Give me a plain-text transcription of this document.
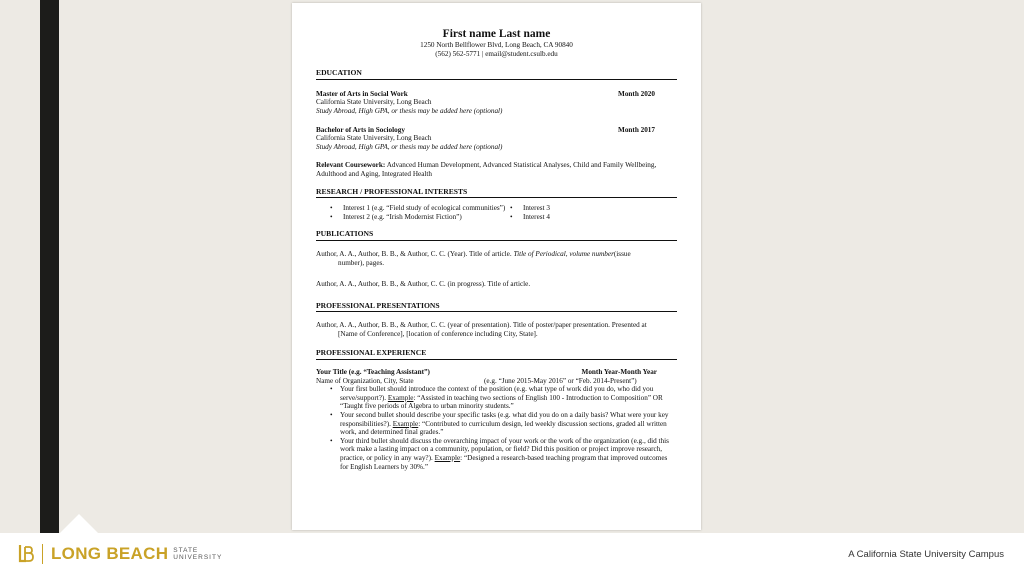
First name Last name
1250 North Bellflower Blvd, Long Beach, CA 90840
(562) 562-5771 | email@student.csulb.edu
EDUCATION
Master of Arts in Social Work	Month 2020
California State University, Long Beach
Study Abroad, High GPA, or thesis may be added here (optional)
Bachelor of Arts in Sociology	Month 2017
California State University, Long Beach
Study Abroad, High GPA, or thesis may be added here (optional)
Relevant Coursework: Advanced Human Development, Advanced Statistical Analyses, Child and Family Wellbeing, Adulthood and Aging, Integrated Health
RESEARCH / PROFESSIONAL INTERESTS
• Interest 1 (e.g. “Field study of ecological communities”)	• Interest 3
• Interest 2 (e.g. “Irish Modernist Fiction”)	• Interest 4
PUBLICATIONS
Author, A. A., Author, B. B., & Author, C. C. (Year). Title of article. Title of Periodical, volume number(issue number), pages.
Author, A. A., Author, B. B., & Author, C. C. (in progress). Title of article.
PROFESSIONAL PRESENTATIONS
Author, A. A., Author, B. B., & Author, C. C. (year of presentation). Title of poster/paper presentation. Presented at [Name of Conference], [location of conference including City, State].
PROFESSIONAL EXPERIENCE
Your Title (e.g. “Teaching Assistant”)	Month Year-Month Year
Name of Organization, City, State	(e.g. “June 2015-May 2016” or “Feb. 2014-Present”)
• Your first bullet should introduce the context of the position (e.g. what type of work did you do, who did you serve/support?). Example: “Assisted in teaching two sections of English 100 - Introduction to Composition” OR “Taught five periods of Algebra to urban minority students.”
• Your second bullet should describe your specific tasks (e.g. what did you do on a daily basis? What were your key responsibilities?). Example: “Contributed to curriculum design, led weekly discussion sections, graded all written work, and determined final grades.”
• Your third bullet should discuss the overarching impact of your work or the work of the organization (e.g., did this work make a lasting impact on a community, population, or field? Did this position or project improve research, practice, or policy in any way?). Example: “Designed a research-based teaching program that improved outcomes for English Learners by 30%.”
LONG BEACH STATE
UNIVERSITY	A California State University Campus
